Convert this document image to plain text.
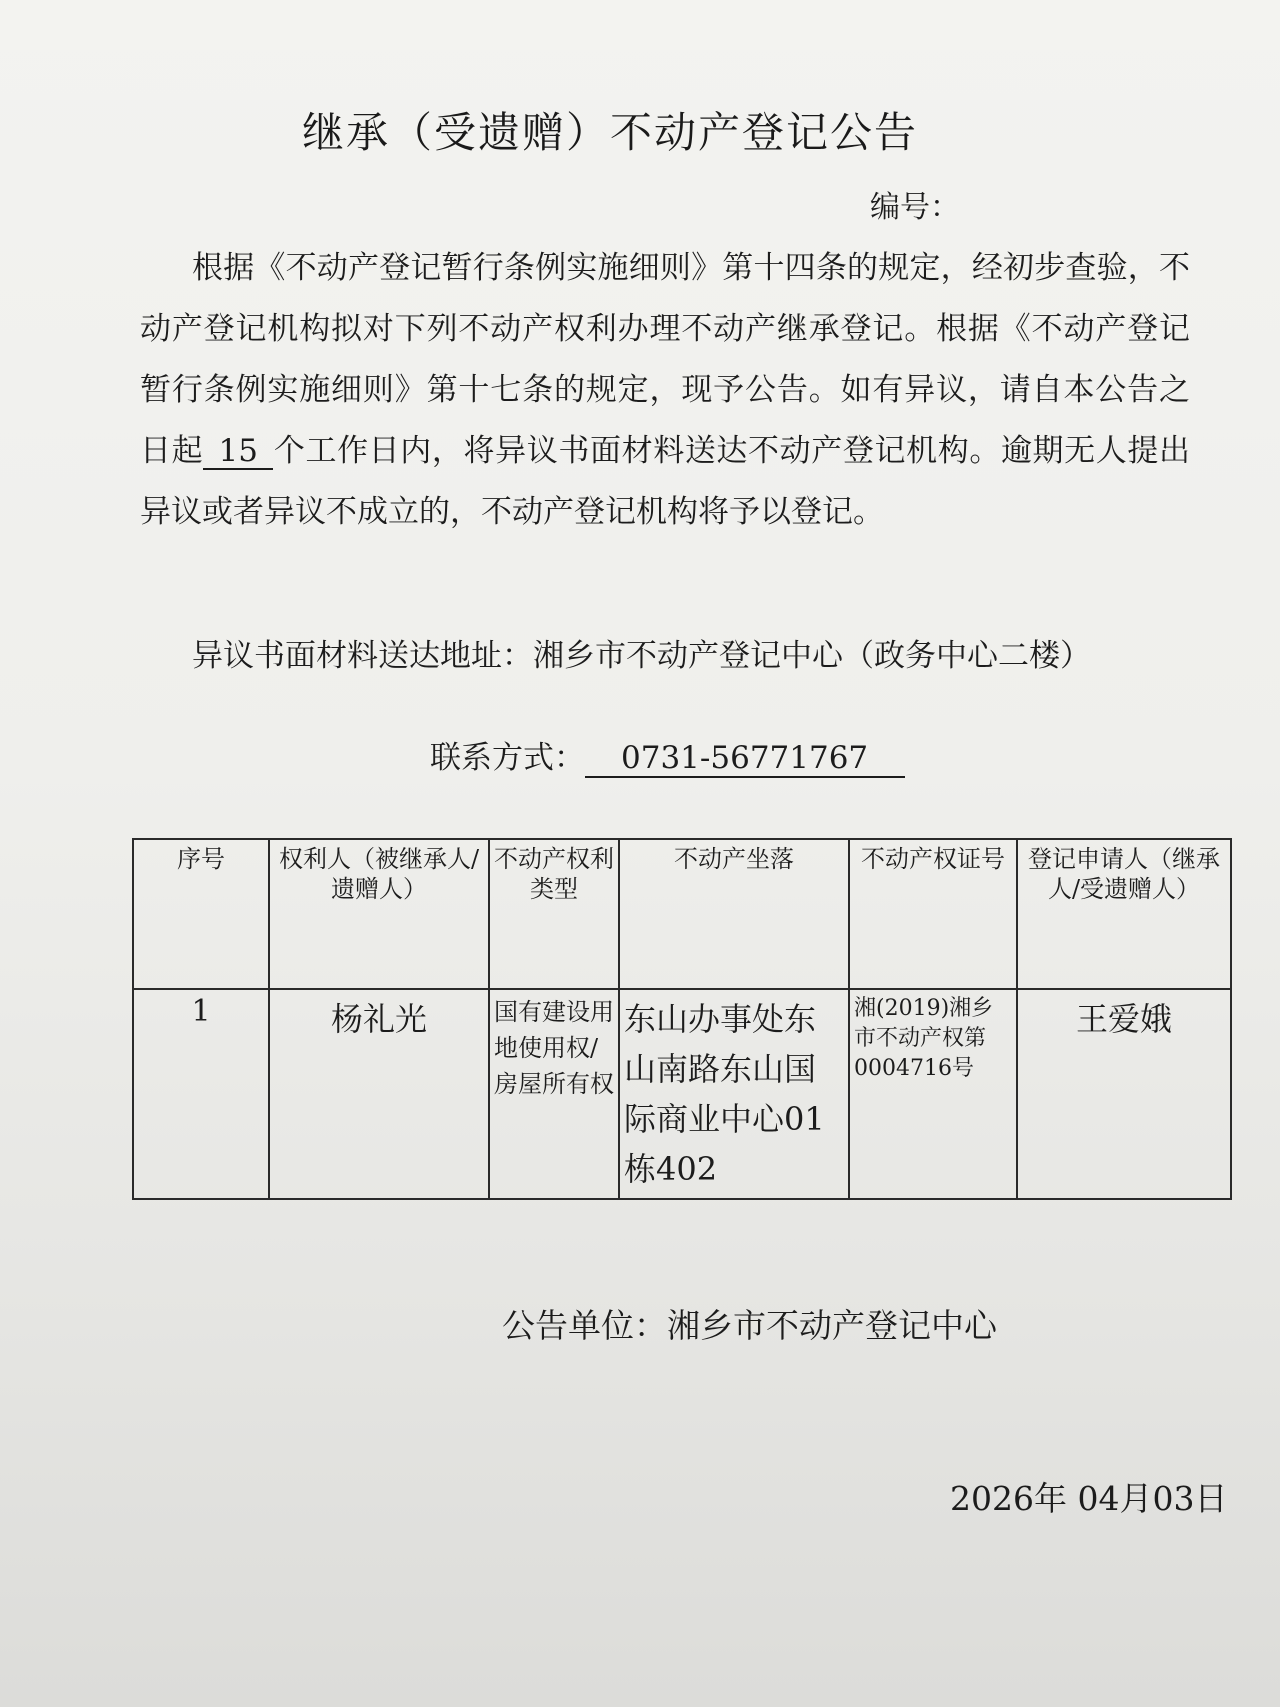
继承（受遗赠）不动产登记公告
编号：
根据《不动产登记暂行条例实施细则》第十四条的规定，经初步查验，不动产登记机构拟对下列不动产权利办理不动产继承登记。根据《不动产登记暂行条例实施细则》第十七条的规定，现予公告。如有异议，请自本公告之日起 15 个工作日内，将异议书面材料送达不动产登记机构。逾期无人提出异议或者异议不成立的，不动产登记机构将予以登记。
异议书面材料送达地址：湘乡市不动产登记中心（政务中心二楼）
联系方式： 0731-56771767
序号	权利人（被继承人/遗赠人）	不动产权利类型	不动产坐落	不动产权证号	登记申请人（继承人/受遗赠人）
1	杨礼光	国有建设用地使用权/房屋所有权	东山办事处东山南路东山国际商业中心01栋402	湘(2019)湘乡市不动产权第0004716号	王爱娥
公告单位：湘乡市不动产登记中心
2026年 04月03日
